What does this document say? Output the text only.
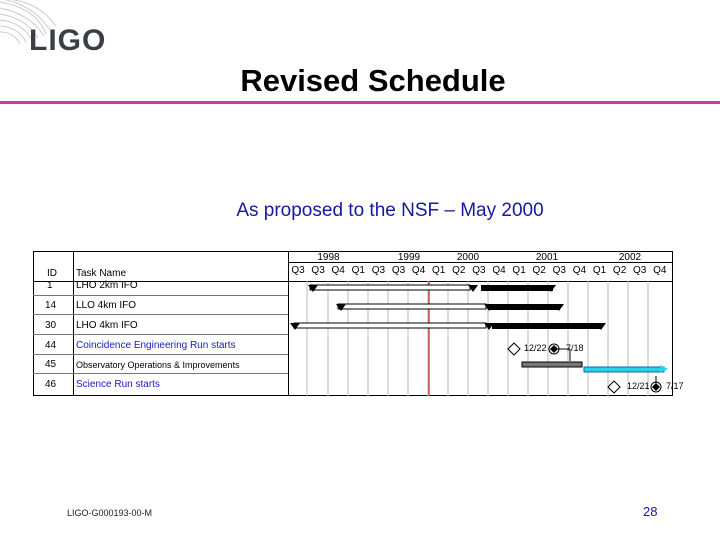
LIGO
Revised Schedule
As proposed to the NSF – May 2000
ID Task Name
1998	1999	2000	2001	2002
Q3 Q3 Q4 Q1 Q3 Q3 Q4 Q1 Q2 Q3 Q4 Q1 Q2 Q3 Q4 Q1 Q2 Q3 Q4
1 LHO 2km IFO
14 LLO 4km IFO
30 LHO 4km IFO
44 Coincidence Engineering Run starts
45 Observatory Operations & Improvements
46 Science Run starts
12/22 7/18
12/21 7/17
LIGO-G000193-00-M	28
